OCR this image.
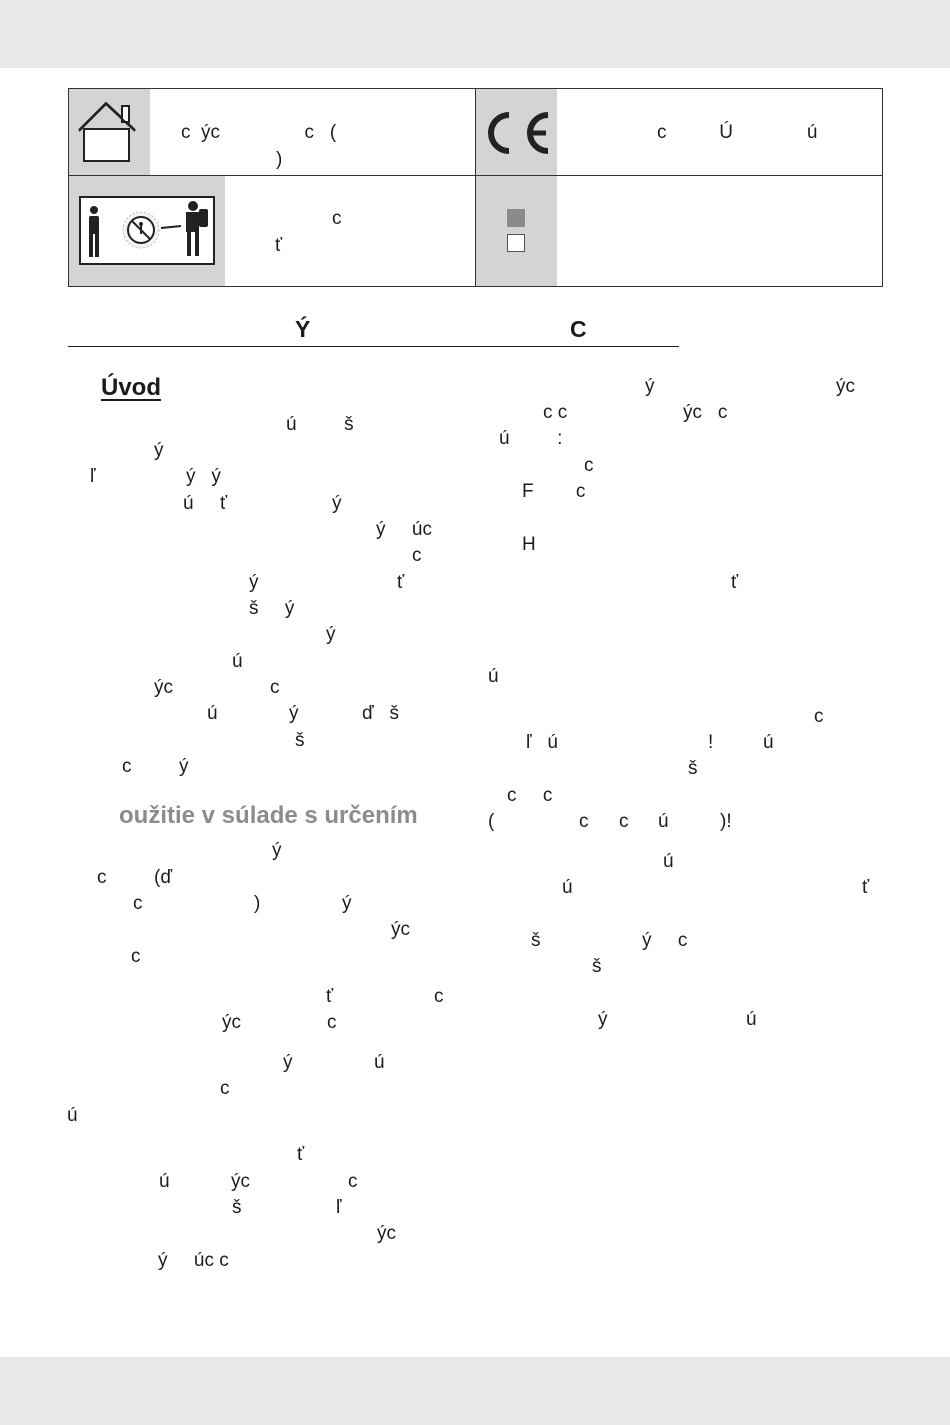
c  ýc                c   (
)
c          Ú              ú
c
ť
Ý	C
Úvod
oužitie v súlade s určením
ú         š
ý
ľ	ý   ý
ú     ť	ý
ý     úc
c
ý	ť
š     ý
ý
ú
ýc	c
ú	ý	ď   š
š
c         ý
ý
c         (ď
c	)	ý
ýc
c
ť	c
ýc	c
ý	ú
c
ú
ť
ú	ýc	c
š	ľ
ýc
ý     úc c
ý	ýc
c c	ýc   c
ú         :
c
F        c
H
ť
ú
c
ľ   ú	!	ú
š
c     c
(	c c ú	)!
ú
ú	ť
š	ý     c
š
ý	ú
